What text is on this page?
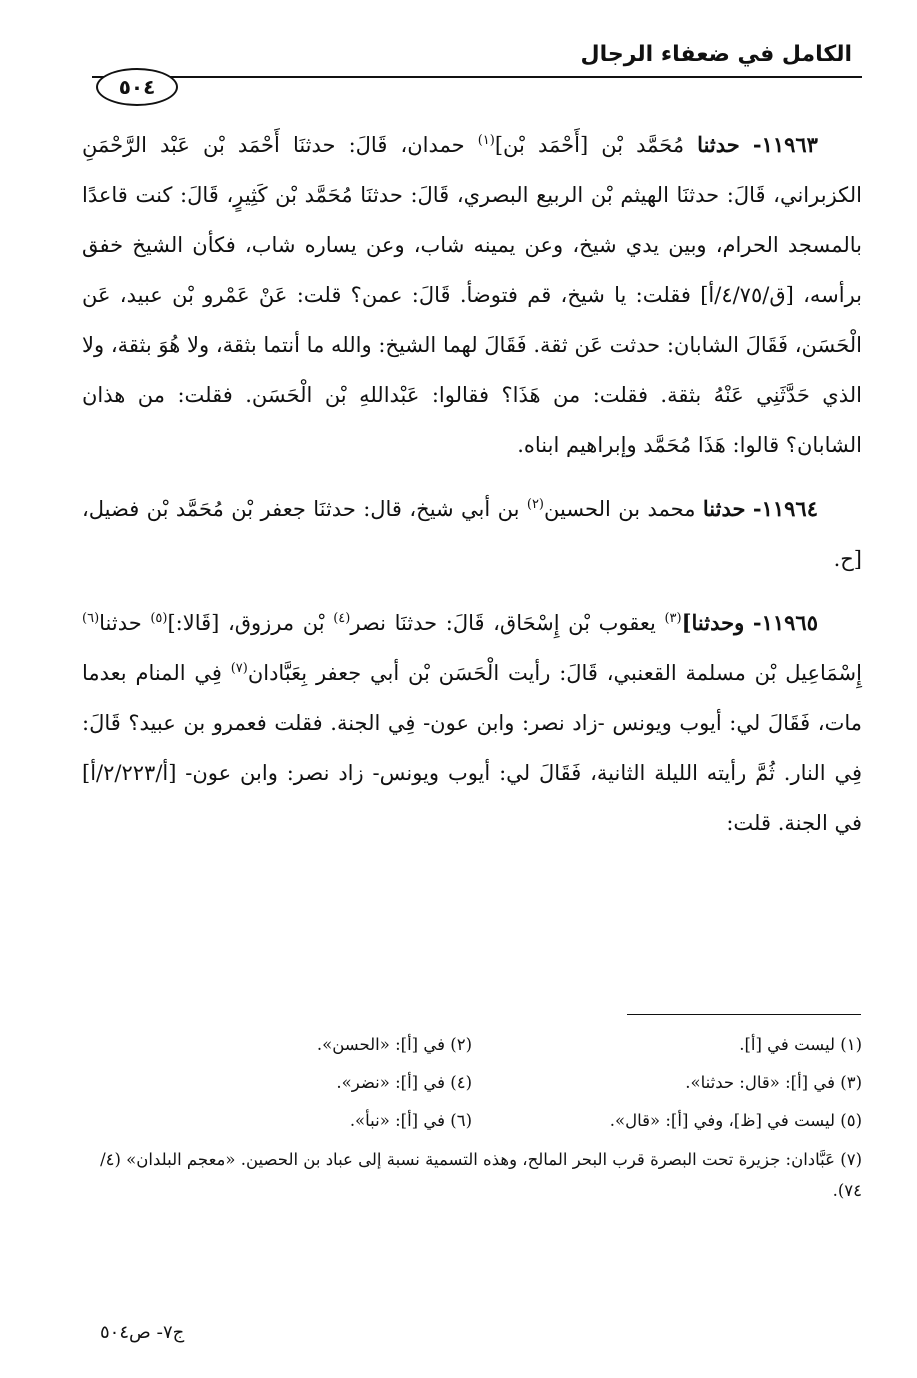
الكامل في ضعفاء الرجال
٥٠٤

١١٩٦٣- حدثنا مُحَمَّد بْن [أَحْمَد بْن]$^{(١)}$ حمدان، قَالَ: حدثنَا أَحْمَد بْن عَبْد الرَّحْمَنِ الكزبراني، قَالَ: حدثنَا الهيثم بْن الربيع البصري، قَالَ: حدثنَا مُحَمَّد بْن كَثِيرٍ، قَالَ: كنت قاعدًا بالمسجد الحرام، وبين يدي شيخ، وعن يمينه شاب، وعن يساره شاب، فكأن الشيخ خفق برأسه، [ق/٤/٧٥/أ] فقلت: يا شيخ، قم فتوضأ. قَالَ: عمن؟ قلت: عَنْ عَمْرو بْن عبيد، عَن الْحَسَن، فَقَالَ الشابان: حدثت عَن ثقة. فَقَالَ لهما الشيخ: والله ما أنتما بثقة، ولا هُوَ بثقة، ولا الذي حَدَّثَنِي عَنْهُ بثقة. فقلت: من هَذَا؟ فقالوا: عَبْداللهِ بْن الْحَسَن. فقلت: من هذان الشابان؟ قالوا: هَذَا مُحَمَّد وإبراهيم ابناه.

١١٩٦٤- حدثنا محمد بن الحسين$^{(٢)}$ بن أبي شيخ، قال: حدثنَا جعفر بْن مُحَمَّد بْن فضيل، [ح.

١١٩٦٥- وحدثنا]$^{(٣)}$ يعقوب بْن إِسْحَاق، قَالَ: حدثنَا نصر$^{(٤)}$ بْن مرزوق، [قَالا:]$^{(٥)}$ حدثنا$^{(٦)}$ إِسْمَاعِيل بْن مسلمة القعنبي، قَالَ: رأيت الْحَسَن بْن أبي جعفر بِعَبَّادان$^{(٧)}$ فِي المنام بعدما مات، فَقَالَ لي: أيوب ويونس -زاد نصر: وابن عون- فِي الجنة. فقلت فعمرو بن عبيد؟ قَالَ: فِي النار. ثُمَّ رأيته الليلة الثانية، فَقَالَ لي: أيوب ويونس- زاد نصر: وابن عون- [أ/٢/٢٢٣/أ] في الجنة. قلت:

(١) ليست في [أ].
(٢) في [أ]: «الحسن».
(٣) في [أ]: «قال: حدثنا».
(٤) في [أ]: «نضر».
(٥) ليست في [ظ]، وفي [أ]: «قال».
(٦) في [أ]: «نبأ».
(٧) عَبَّادان: جزيرة تحت البصرة قرب البحر المالح، وهذه التسمية نسبة إلى عباد بن الحصين. «معجم البلدان» (٤/ ٧٤).
ج٧- ص٥٠٤
